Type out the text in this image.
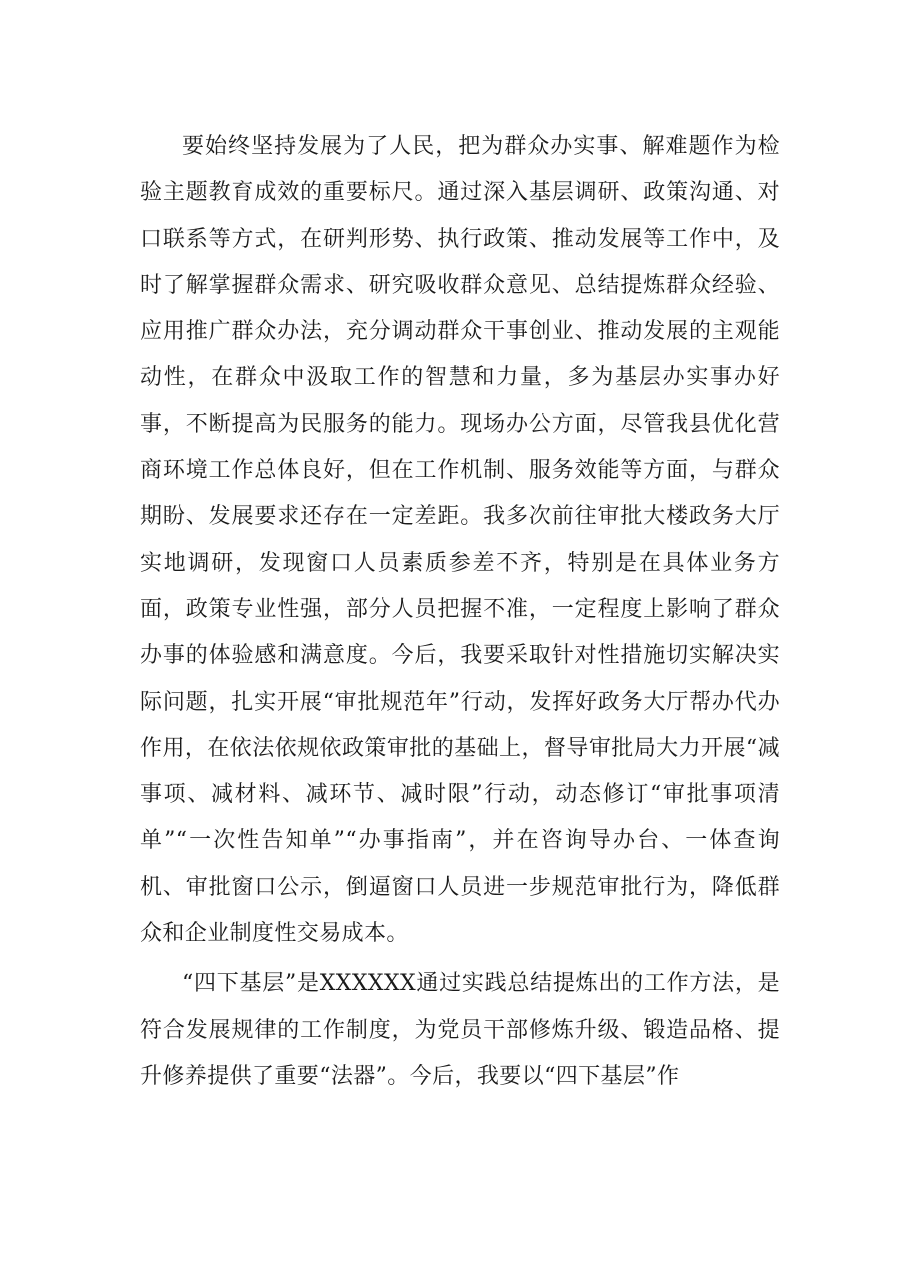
要始终坚持发展为了人民，把为群众办实事、解难题作为检验主题教育成效的重要标尺。通过深入基层调研、政策沟通、对口联系等方式，在研判形势、执行政策、推动发展等工作中，及时了解掌握群众需求、研究吸收群众意见、总结提炼群众经验、应用推广群众办法，充分调动群众干事创业、推动发展的主观能动性，在群众中汲取工作的智慧和力量，多为基层办实事办好事，不断提高为民服务的能力。现场办公方面，尽管我县优化营商环境工作总体良好，但在工作机制、服务效能等方面，与群众期盼、发展要求还存在一定差距。我多次前往审批大楼政务大厅实地调研，发现窗口人员素质参差不齐，特别是在具体业务方面，政策专业性强，部分人员把握不准，一定程度上影响了群众办事的体验感和满意度。今后，我要采取针对性措施切实解决实际问题，扎实开展“审批规范年”行动，发挥好政务大厅帮办代办作用，在依法依规依政策审批的基础上，督导审批局大力开展“减事项、减材料、减环节、减时限”行动，动态修订“审批事项清单”“一次性告知单”“办事指南”，并在咨询导办台、一体查询机、审批窗口公示，倒逼窗口人员进一步规范审批行为，降低群众和企业制度性交易成本。

“四下基层”是XXXXXX通过实践总结提炼出的工作方法，是符合发展规律的工作制度，为党员干部修炼升级、锻造品格、提升修养提供了重要“法器”。今后，我要以“四下基层”作
